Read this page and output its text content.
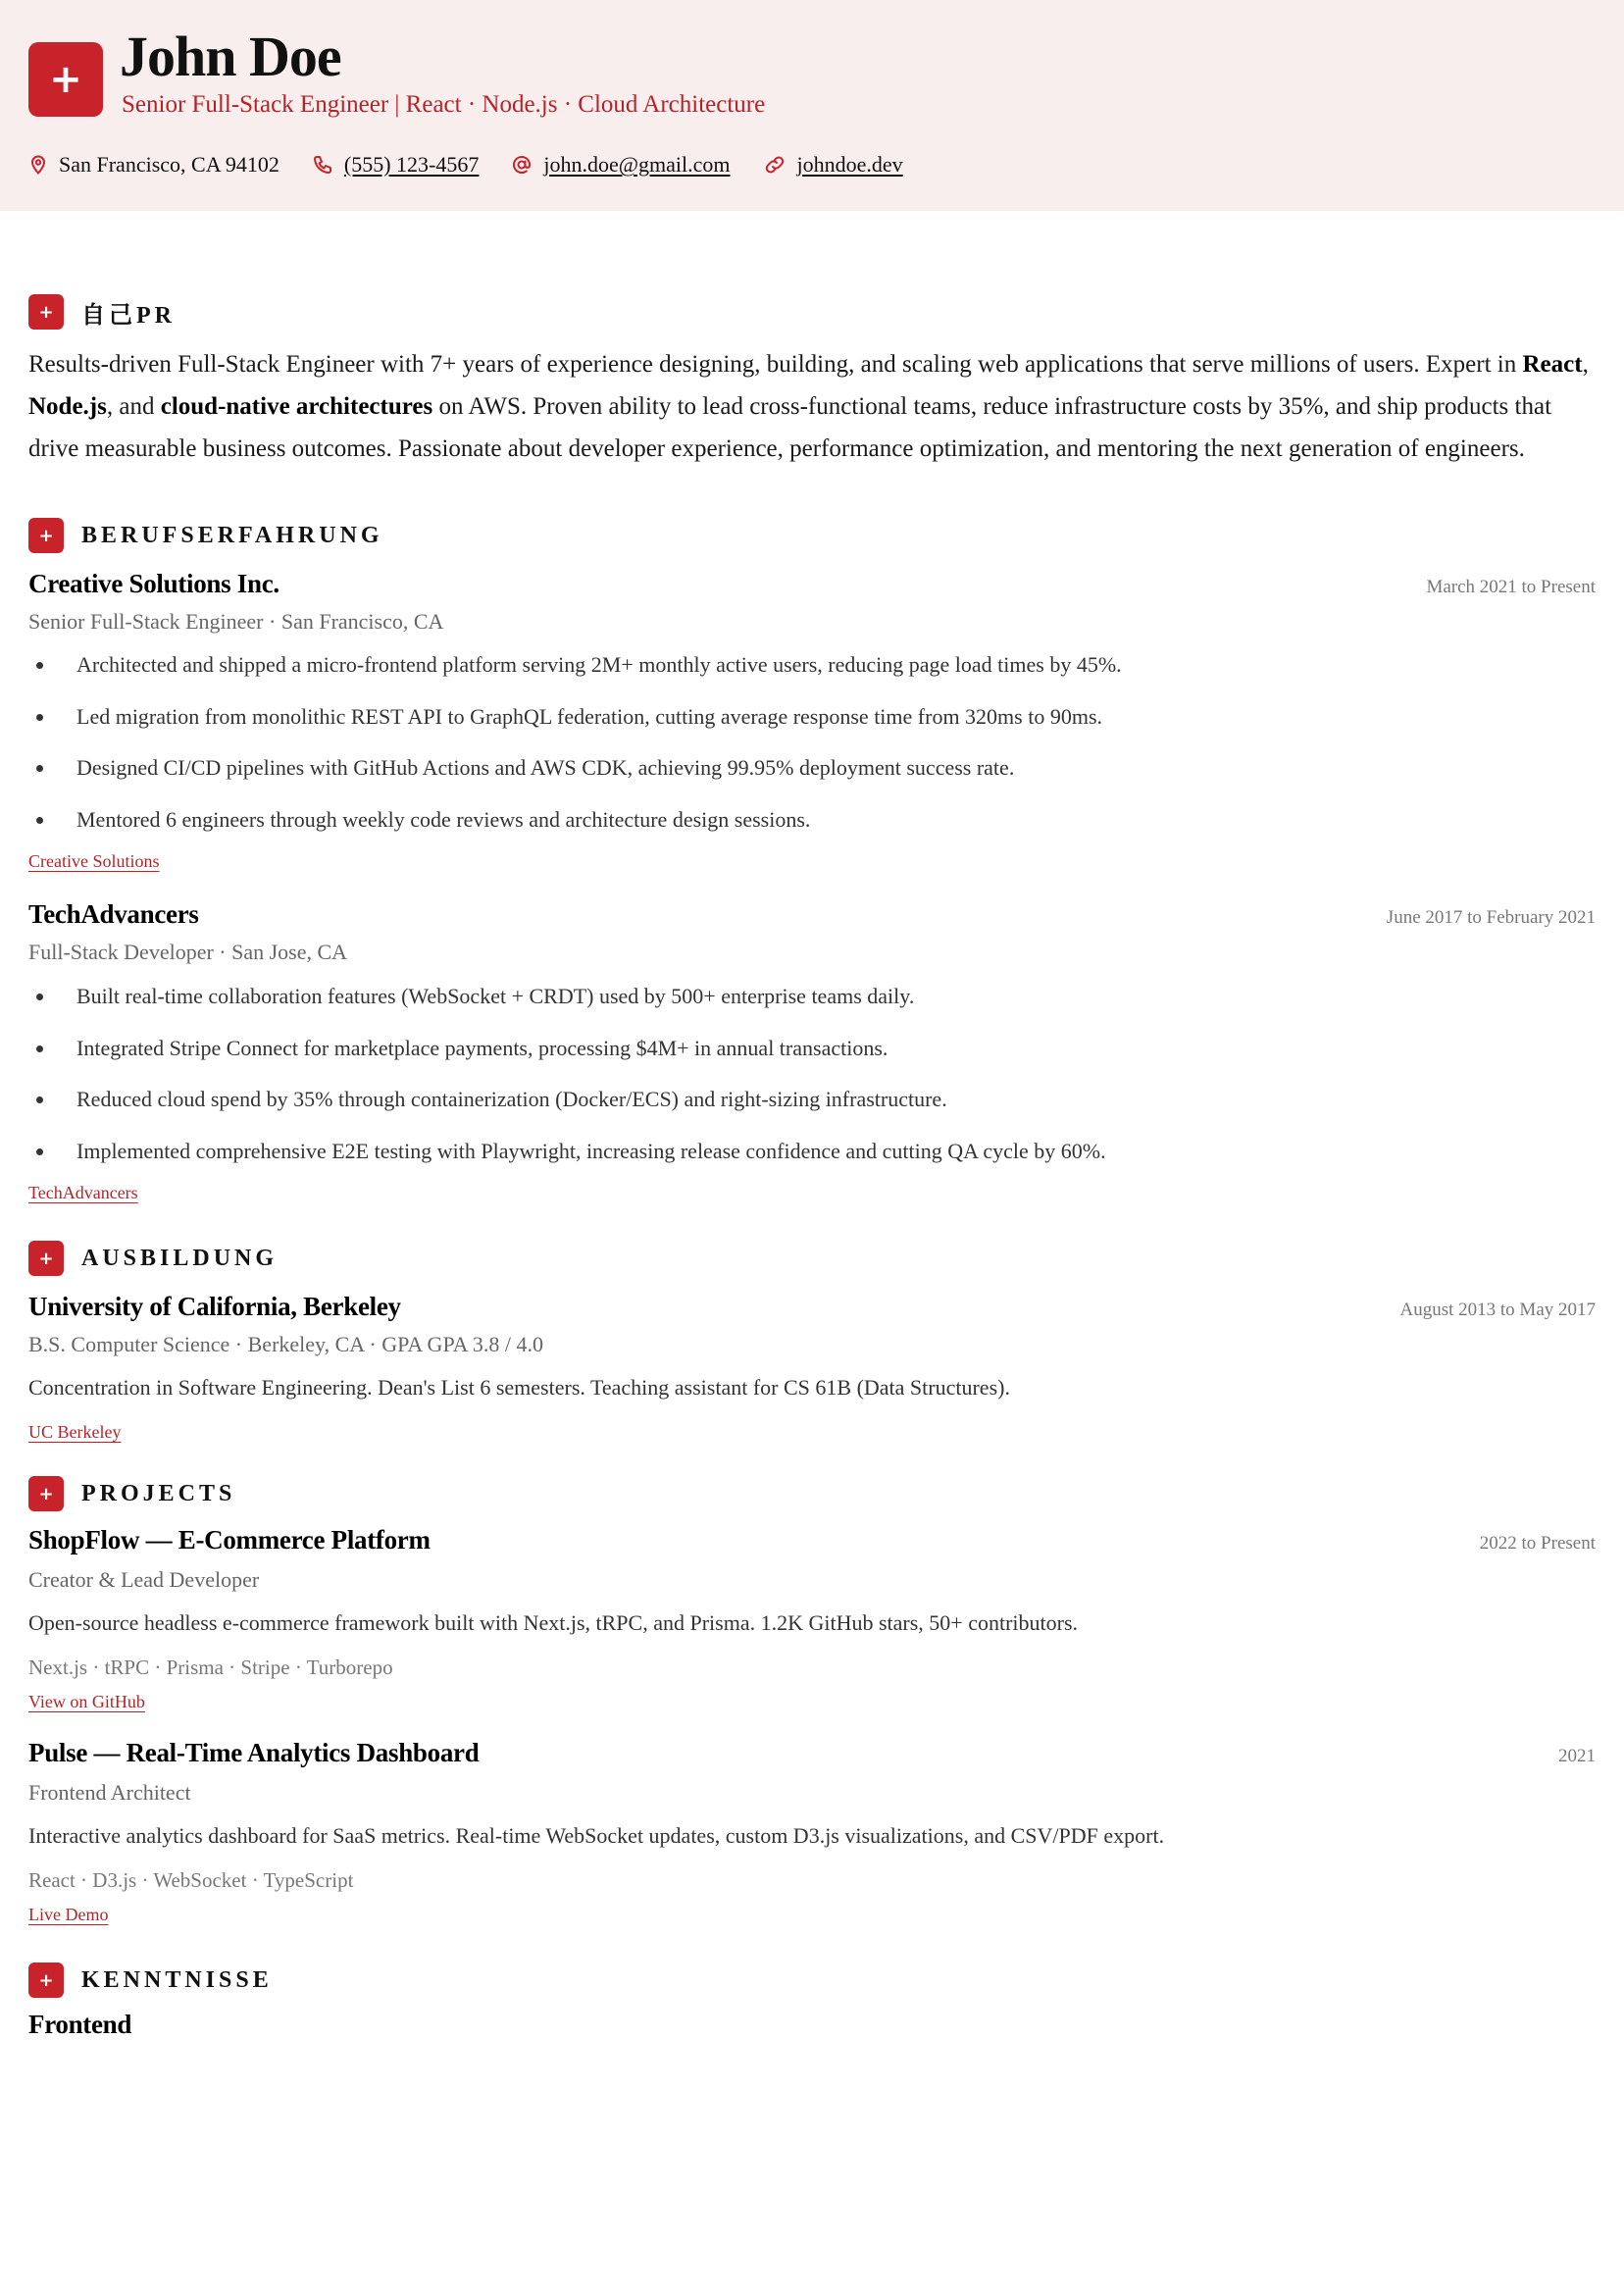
+ John Doe
Senior Full-Stack Engineer | React · Node.js · Cloud Architecture
San Francisco, CA 94102	(555) 123-4567	john.doe@gmail.com	johndoe.dev
+	自己PR
Results-driven Full-Stack Engineer with 7+ years of experience designing, building, and scaling web applications that serve millions of users. Expert in React, Node.js, and cloud-native architectures on AWS. Proven ability to lead cross-functional teams, reduce infrastructure costs by 35%, and ship products that drive measurable business outcomes. Passionate about developer experience, performance optimization, and mentoring the next generation of engineers.
+	BERUFSERFAHRUNG
Creative Solutions Inc.	March 2021 to Present
Senior Full-Stack Engineer · San Francisco, CA
Architected and shipped a micro-frontend platform serving 2M+ monthly active users, reducing page load times by 45%.
Led migration from monolithic REST API to GraphQL federation, cutting average response time from 320ms to 90ms.
Designed CI/CD pipelines with GitHub Actions and AWS CDK, achieving 99.95% deployment success rate.
Mentored 6 engineers through weekly code reviews and architecture design sessions.
Creative Solutions
TechAdvancers	June 2017 to February 2021
Full-Stack Developer · San Jose, CA
Built real-time collaboration features (WebSocket + CRDT) used by 500+ enterprise teams daily.
Integrated Stripe Connect for marketplace payments, processing $4M+ in annual transactions.
Reduced cloud spend by 35% through containerization (Docker/ECS) and right-sizing infrastructure.
Implemented comprehensive E2E testing with Playwright, increasing release confidence and cutting QA cycle by 60%.
TechAdvancers
+	AUSBILDUNG
University of California, Berkeley	August 2013 to May 2017
B.S. Computer Science · Berkeley, CA · GPA GPA 3.8 / 4.0
Concentration in Software Engineering. Dean's List 6 semesters. Teaching assistant for CS 61B (Data Structures).
UC Berkeley
+	PROJECTS
ShopFlow — E-Commerce Platform	2022 to Present
Creator & Lead Developer
Open-source headless e-commerce framework built with Next.js, tRPC, and Prisma. 1.2K GitHub stars, 50+ contributors.
Next.js · tRPC · Prisma · Stripe · Turborepo
View on GitHub
Pulse — Real-Time Analytics Dashboard	2021
Frontend Architect
Interactive analytics dashboard for SaaS metrics. Real-time WebSocket updates, custom D3.js visualizations, and CSV/PDF export.
React · D3.js · WebSocket · TypeScript
Live Demo
+	KENNTNISSE
Frontend
